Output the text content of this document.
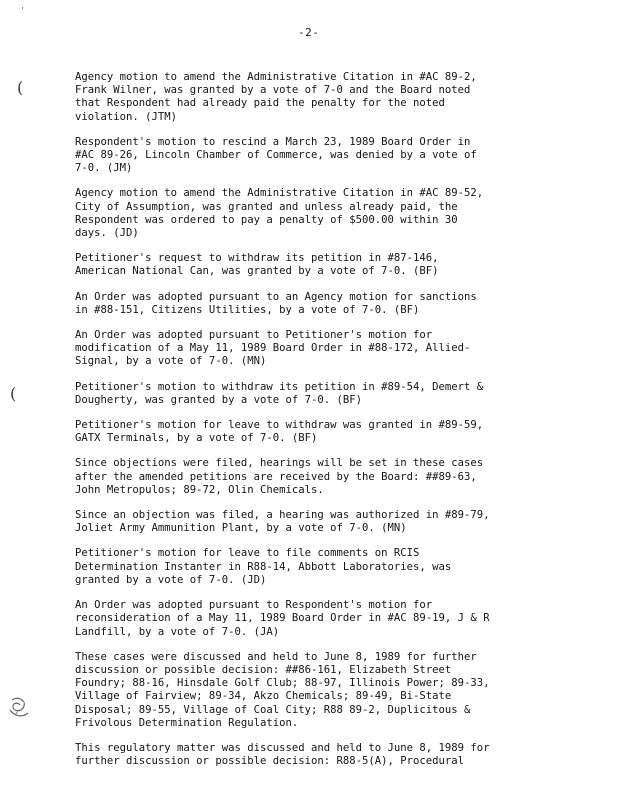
-2-
’
(
(

Agency motion to amend the Administrative Citation in #AC 89-2,
Frank Wilner, was granted by a vote of 7-0 and the Board noted
that Respondent had already paid the penalty for the noted
violation. (JTM)

Respondent's motion to rescind a March 23, 1989 Board Order in
#AC 89-26, Lincoln Chamber of Commerce, was denied by a vote of
7-0. (JM)

Agency motion to amend the Administrative Citation in #AC 89-52,
City of Assumption, was granted and unless already paid, the
Respondent was ordered to pay a penalty of $500.00 within 30
days. (JD)

Petitioner's request to withdraw its petition in #87-146,
American National Can, was granted by a vote of 7-0. (BF)

An Order was adopted pursuant to an Agency motion for sanctions
in #88-151, Citizens Utilities, by a vote of 7-0. (BF)

An Order was adopted pursuant to Petitioner's motion for
modification of a May 11, 1989 Board Order in #88-172, Allied-
Signal, by a vote of 7-0. (MN)

Petitioner's motion to withdraw its petition in #89-54, Demert &
Dougherty, was granted by a vote of 7-0. (BF)

Petitioner's motion for leave to withdraw was granted in #89-59,
GATX Terminals, by a vote of 7-0. (BF)

Since objections were filed, hearings will be set in these cases
after the amended petitions are received by the Board: ##89-63,
John Metropulos; 89-72, Olin Chemicals.

Since an objection was filed, a hearing was authorized in #89-79,
Joliet Army Ammunition Plant, by a vote of 7-0. (MN)

Petitioner's motion for leave to file comments on RCIS
Determination Instanter in R88-14, Abbott Laboratories, was
granted by a vote of 7-0. (JD)

An Order was adopted pursuant to Respondent's motion for
reconsideration of a May 11, 1989 Board Order in #AC 89-19, J & R
Landfill, by a vote of 7-0. (JA)

These cases were discussed and held to June 8, 1989 for further
discussion or possible decision: ##86-161, Elizabeth Street
Foundry; 88-16, Hinsdale Golf Club; 88-97, Illinois Power; 89-33,
Village of Fairview; 89-34, Akzo Chemicals; 89-49, Bi-State
Disposal; 89-55, Village of Coal City; R88 89-2, Duplicitous &
Frivolous Determination Regulation.

This regulatory matter was discussed and held to June 8, 1989 for
further discussion or possible decision: R88-5(A), Procedural
